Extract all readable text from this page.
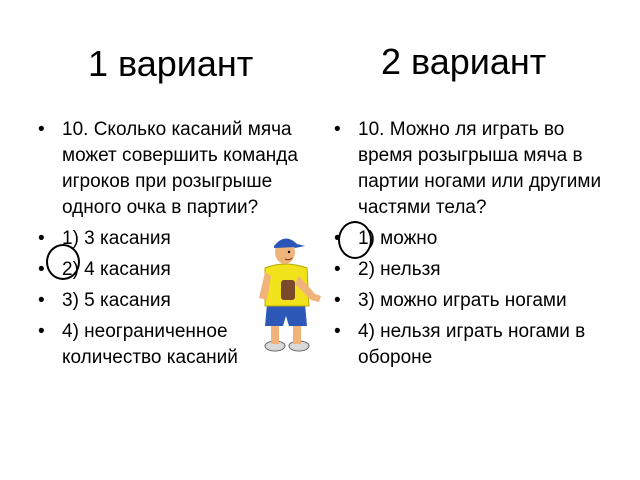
1 вариант	2 вариант
• 10. Сколько касаний мяча может совершить команда игроков при розыгрыше одного очка в партии?
• 1) 3 касания
• 2) 4 касания
• 3) 5 касания
• 4) неограниченное количество касаний
• 10. Можно ля играть во время розыгрыша мяча в партии ногами или другими частями тела?
• 1) можно
• 2) нельзя
• 3) можно играть ногами
• 4) нельзя играть ногами в обороне
